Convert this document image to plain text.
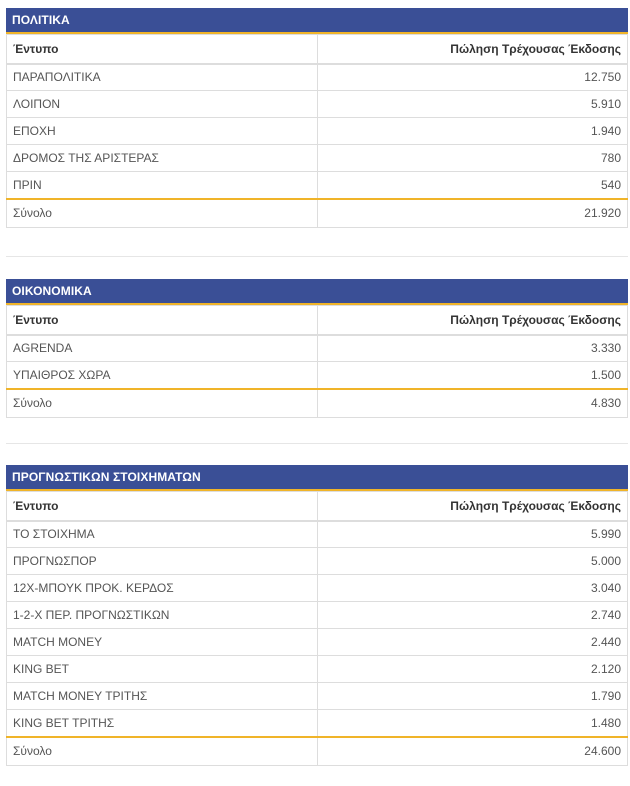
ΠΟΛΙΤΙΚΑ
Έντυπο	Πώληση Τρέχουσας Έκδοσης
ΠΑΡΑΠΟΛΙΤΙΚΑ	12.750
ΛΟΙΠΟΝ	5.910
ΕΠΟΧΗ	1.940
ΔΡΟΜΟΣ ΤΗΣ ΑΡΙΣΤΕΡΑΣ	780
ΠΡΙΝ	540
Σύνολο	21.920
ΟΙΚΟΝΟΜΙΚΑ
Έντυπο	Πώληση Τρέχουσας Έκδοσης
AGRENDA	3.330
ΥΠΑΙΘΡΟΣ ΧΩΡΑ	1.500
Σύνολο	4.830
ΠΡΟΓΝΩΣΤΙΚΩΝ ΣΤΟΙΧΗΜΑΤΩΝ
Έντυπο	Πώληση Τρέχουσας Έκδοσης
ΤΟ ΣΤΟΙΧΗΜΑ	5.990
ΠΡΟΓΝΩΣΠΟΡ	5.000
12Χ-ΜΠΟΥΚ ΠΡΟΚ. ΚΕΡΔΟΣ	3.040
1-2-Χ ΠΕΡ. ΠΡΟΓΝΩΣΤΙΚΩΝ	2.740
MATCH MONEY	2.440
KING BET	2.120
MATCH MONEY ΤΡΙΤΗΣ	1.790
KING BET ΤΡΙΤΗΣ	1.480
Σύνολο	24.600
